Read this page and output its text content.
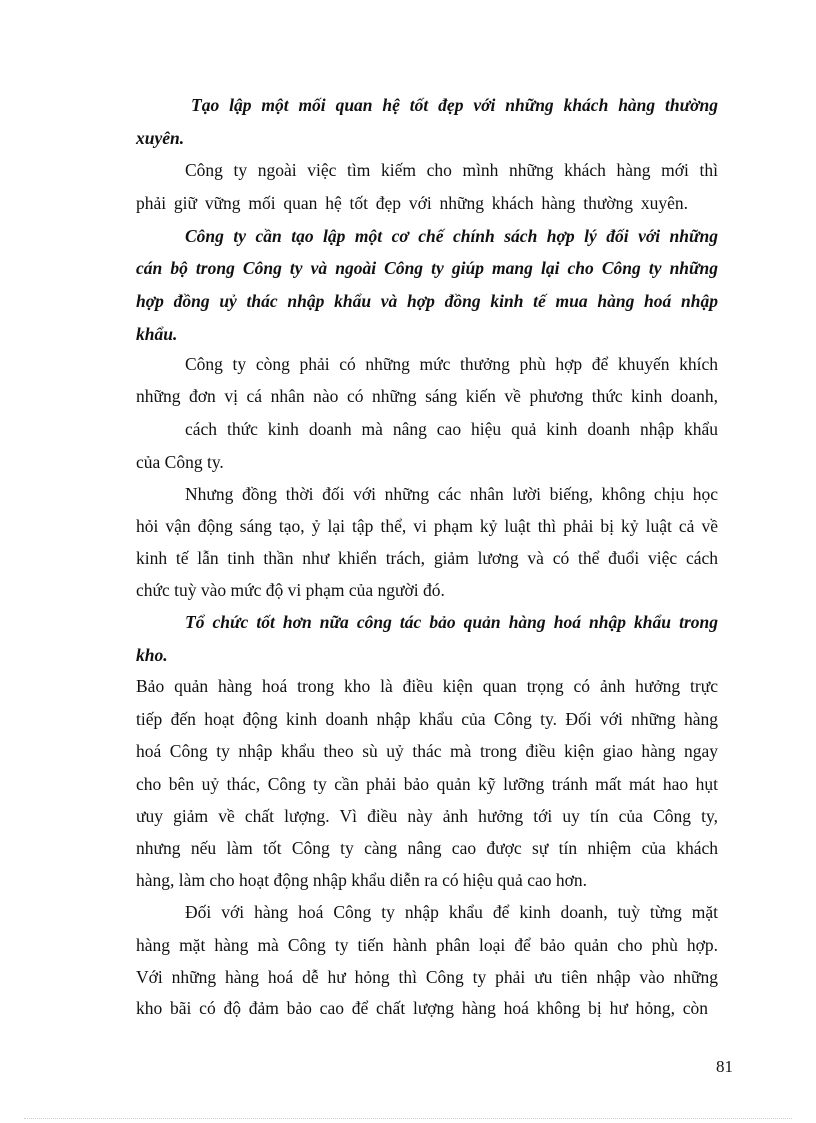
Tạo lập một mối quan hệ tốt đẹp với những khách hàng thường
xuyên.
Công ty ngoài việc tìm kiếm cho mình những khách hàng mới thì
phải giữ vững mối quan hệ tốt đẹp với những khách hàng thường xuyên.
Công ty cần tạo lập một cơ chế chính sách hợp lý đối với những
cán bộ trong Công ty và ngoài Công ty giúp mang lại cho Công ty những
hợp đồng uỷ thác nhập khẩu và hợp đồng kinh tế mua hàng hoá nhập
khẩu.
Công ty còng phải có những mức thưởng phù hợp để khuyến khích
những đơn vị cá nhân nào có những sáng kiến về phương thức kinh doanh,
cách thức kinh doanh mà nâng cao hiệu quả kinh doanh nhập khẩu
của Công ty.
Nhưng đồng thời đối với những các nhân lười biếng, không chịu học
hỏi vận động sáng tạo, ỷ lại tập thể, vi phạm kỷ luật thì phải bị kỷ luật cả về
kinh tế lẫn tinh thần như khiển trách, giảm lương và có thể đuổi việc cách
chức tuỳ vào mức độ vi phạm của người đó.
Tổ chức tốt hơn nữa công tác bảo quản hàng hoá nhập khẩu trong
kho.
Bảo quản hàng hoá trong kho là điều kiện quan trọng có ảnh hưởng trực
tiếp đến hoạt động kinh doanh nhập khẩu của Công ty. Đối với những hàng
hoá Công ty nhập khẩu theo sù uỷ thác mà trong điều kiện giao hàng ngay
cho bên uỷ thác, Công ty cần phải bảo quản kỹ lưỡng tránh mất mát hao hụt
ưuy giảm về chất lượng. Vì điều này ảnh hưởng tới uy tín của Công ty,
nhưng nếu làm tốt Công ty càng nâng cao được sự tín nhiệm của khách
hàng, làm cho hoạt động nhập khẩu diễn ra có hiệu quả cao hơn.
Đối với hàng hoá Công ty nhập khẩu để kinh doanh, tuỳ từng mặt
hàng mặt hàng mà Công ty tiến hành phân loại để bảo quản cho phù hợp.
Với những hàng hoá dễ hư hỏng thì Công ty phải ưu tiên nhập vào những
kho bãi có độ đảm bảo cao để chất lượng hàng hoá không bị hư hỏng, còn
81
